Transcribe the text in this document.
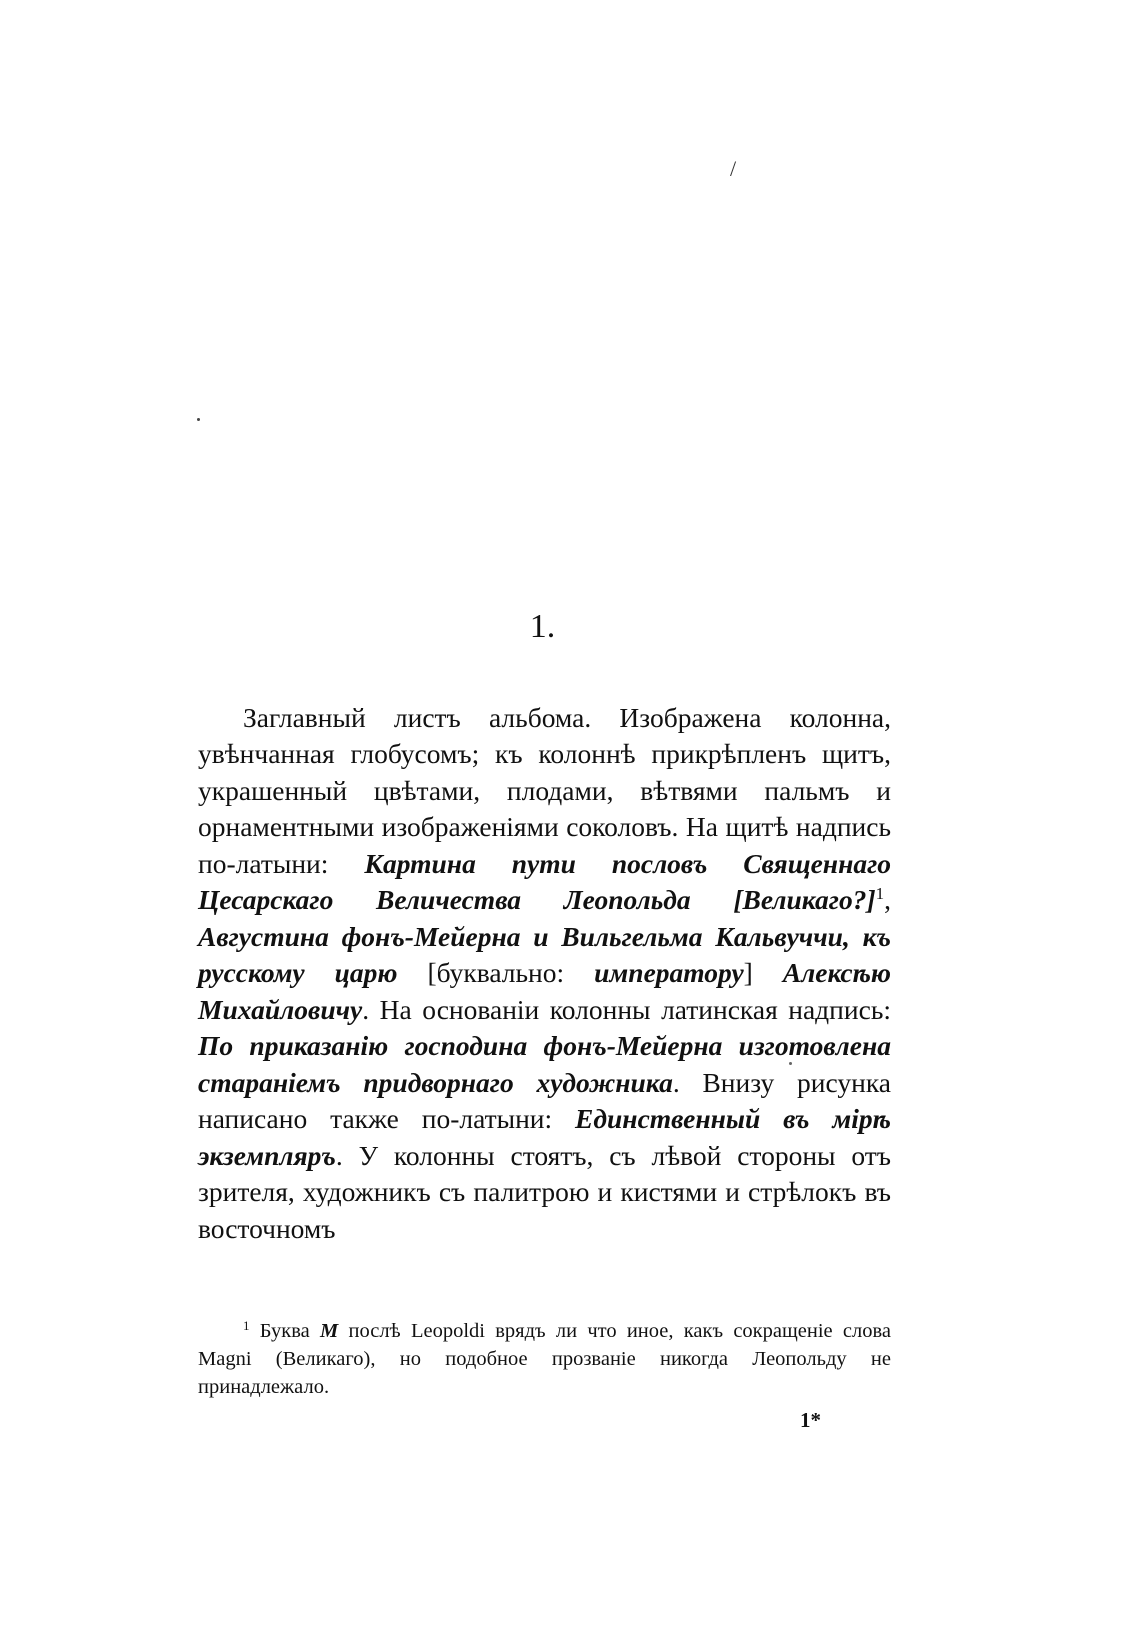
/
1.

Заглавный листъ альбома. Изображена колонна, увѣнчанная глобусомъ; къ колоннѣ прикрѣпленъ щитъ, украшенный цвѣтами, плодами, вѣтвями пальмъ и орнаментными изображеніями соколовъ. На щитѣ надпись по-латыни: Картина пути пословъ Священнаго Цесарскаго Величества Леопольда [Великаго?]$^1$, Августина фонъ-Мейерна и Вильгельма Кальвуччи, къ русскому царю [буквально: императору] Алексѣю Михайловичу. На основаніи колонны латинская надпись: По приказанію господина фонъ-Мейерна изготовлена стараніемъ придворнаго художника. Внизу рисунка написано также по-латыни: Единственный въ мірѣ экземпляръ. У колонны стоятъ, съ лѣвой стороны отъ зрителя, художникъ съ палитрою и кистями и стрѣлокъ въ восточномъ

$^1$ Буква M послѣ Leopoldi врядъ ли что иное, какъ сокращеніе слова Magni (Великаго), но подобное прозваніе никогда Леопольду не принадлежало.

1*
